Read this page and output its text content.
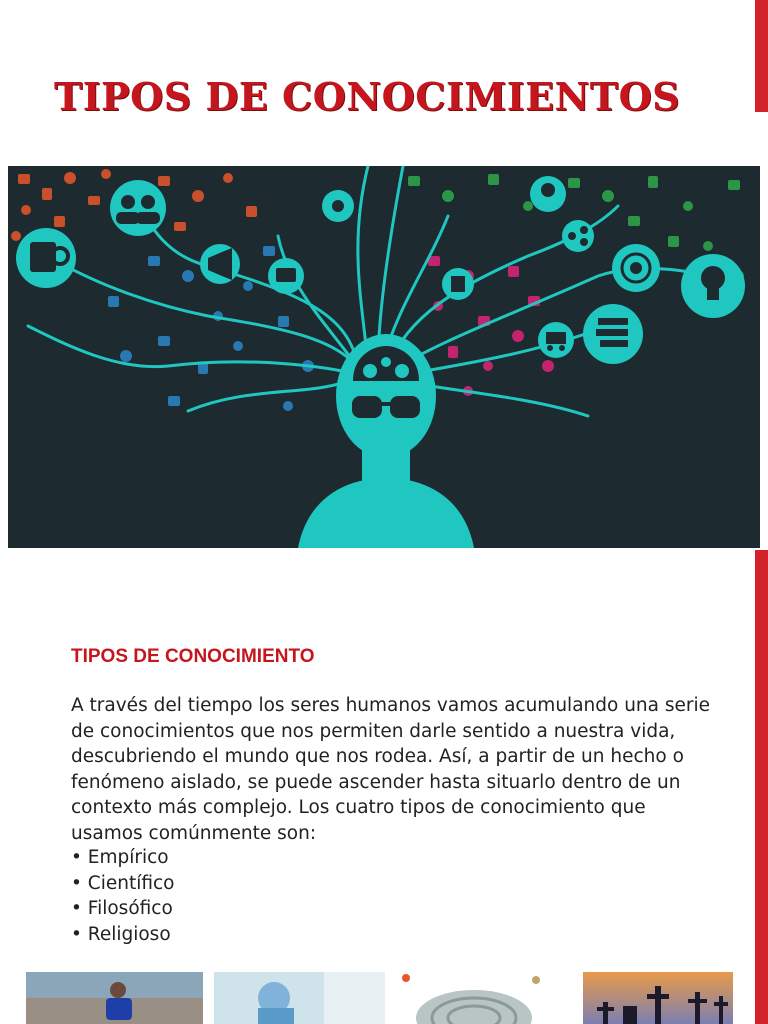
TIPOS DE CONOCIMIENTOS
TIPOS DE CONOCIMIENTO

A través del tiempo los seres humanos vamos acumulando una serie de conocimientos que nos permiten darle sentido a nuestra vida, descubriendo el mundo que nos rodea. Así, a partir de un hecho o fenómeno aislado, se puede ascender hasta situarlo dentro de un contexto más complejo. Los cuatro tipos de conocimiento que usamos comúnmente son:

• Empírico
• Científico
• Filosófico
• Religioso
